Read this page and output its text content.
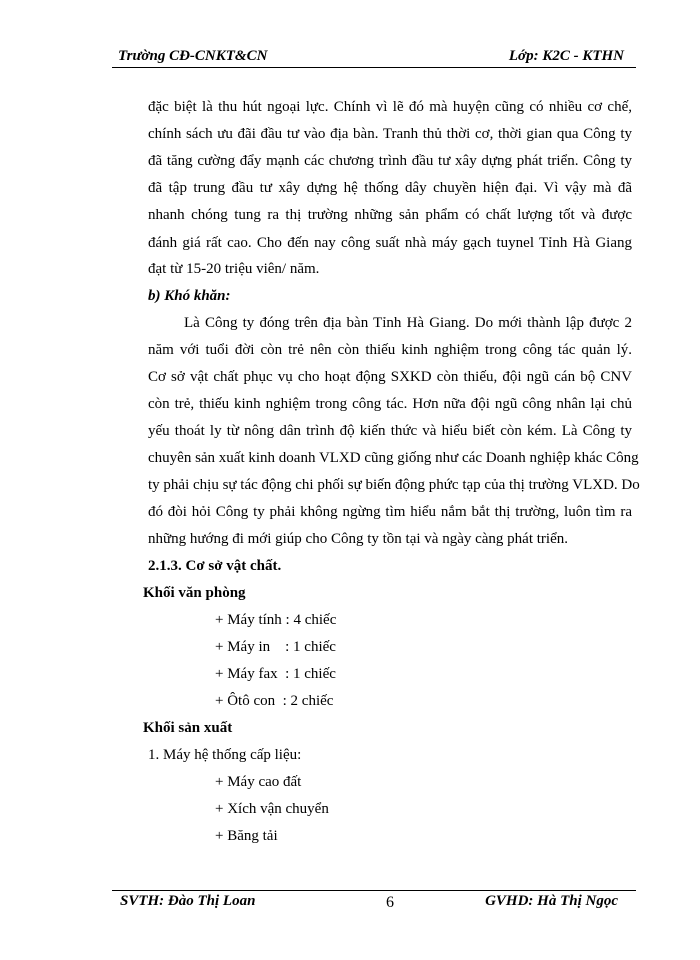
Trường CĐ-CNKT&CN	Lớp: K2C - KTHN
đặc biệt là thu hút ngoại lực. Chính vì lẽ đó mà huyện cũng có nhiều cơ chế,
chính sách ưu đãi đầu tư vào địa bàn. Tranh thủ thời cơ, thời gian qua Công ty
đã tăng cường đẩy mạnh các chương trình đầu tư xây dựng phát triển. Công ty
đã tập trung đầu tư xây dựng hệ thống dây chuyền hiện đại. Vì vậy mà đã
nhanh chóng tung ra thị trường những sản phẩm có chất lượng tốt và được
đánh giá rất cao. Cho đến nay công suất nhà máy gạch tuynel Tỉnh Hà Giang
đạt từ 15-20 triệu viên/ năm.
b) Khó khăn:
Là Công ty đóng trên địa bàn Tỉnh Hà Giang. Do mới thành lập được 2
năm với tuổi đời còn trẻ nên còn thiếu kinh nghiệm trong công tác quản lý.
Cơ sở vật chất phục vụ cho hoạt động SXKD còn thiếu, đội ngũ cán bộ CNV
còn trẻ, thiếu kinh nghiệm trong công tác. Hơn nữa đội ngũ công nhân lại chủ
yếu thoát ly từ nông dân trình độ kiến thức và hiểu biết còn kém. Là Công ty
chuyên sản xuất kinh doanh VLXD cũng giống như các Doanh nghiệp khác Công
ty phải chịu sự tác động chi phối sự biến động phức tạp của thị trường VLXD. Do
đó đòi hỏi Công ty phải không ngừng tìm hiểu nắm bắt thị trường, luôn tìm ra
những hướng đi mới giúp cho Công ty tồn tại và ngày càng phát triển.
2.1.3. Cơ sở vật chất.
Khối văn phòng
+ Máy tính : 4 chiếc
+ Máy in    : 1 chiếc
+ Máy fax  : 1 chiếc
+ Ôtô con  : 2 chiếc
Khối sản xuất
1. Máy hệ thống cấp liệu:
+ Máy cao đất
+ Xích vận chuyển
+ Băng tải
SVTH: Đào Thị Loan	6	GVHD: Hà Thị Ngọc
